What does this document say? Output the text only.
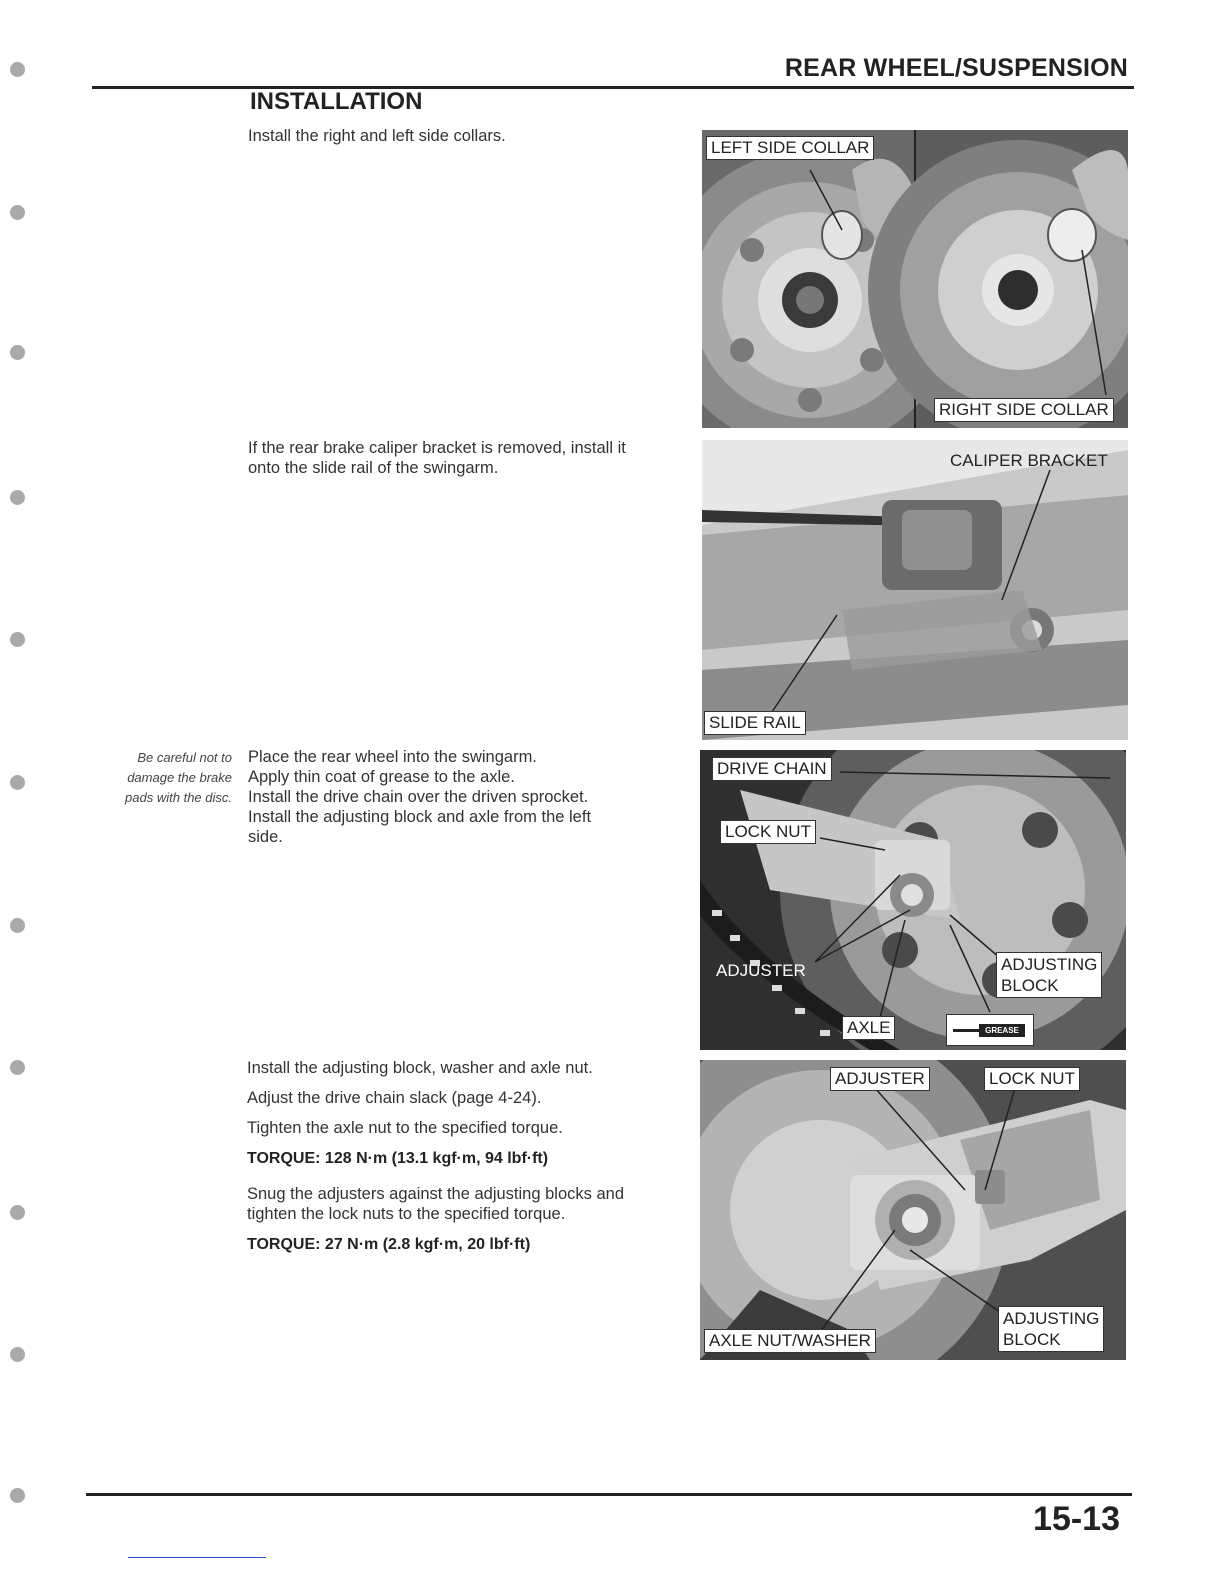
REAR WHEEL/SUSPENSION
INSTALLATION
Install the right and left side collars.
If the rear brake caliper bracket is removed, install it
onto the slide rail of the swingarm.
Be careful not to
damage the brake
pads with the disc.
Place the rear wheel into the swingarm.
Apply thin coat of grease to the axle.
Install the drive chain over the driven sprocket.
Install the adjusting block and axle from the left
side.
Install the adjusting block, washer and axle nut.
Adjust the drive chain slack (page 4-24).
Tighten the axle nut to the specified torque.
TORQUE: 128 N·m (13.1 kgf·m, 94 lbf·ft)
Snug the adjusters against the adjusting blocks and
tighten the lock nuts to the specified torque.
TORQUE: 27 N·m (2.8 kgf·m, 20 lbf·ft)
LEFT SIDE COLLAR
RIGHT SIDE COLLAR
CALIPER BRACKET
SLIDE RAIL
DRIVE CHAIN
LOCK NUT
ADJUSTER	ADJUSTING
BLOCK
AXLE	GREASE
ADJUSTER	LOCK NUT
AXLE NUT/WASHER
ADJUSTING
BLOCK
15-13
